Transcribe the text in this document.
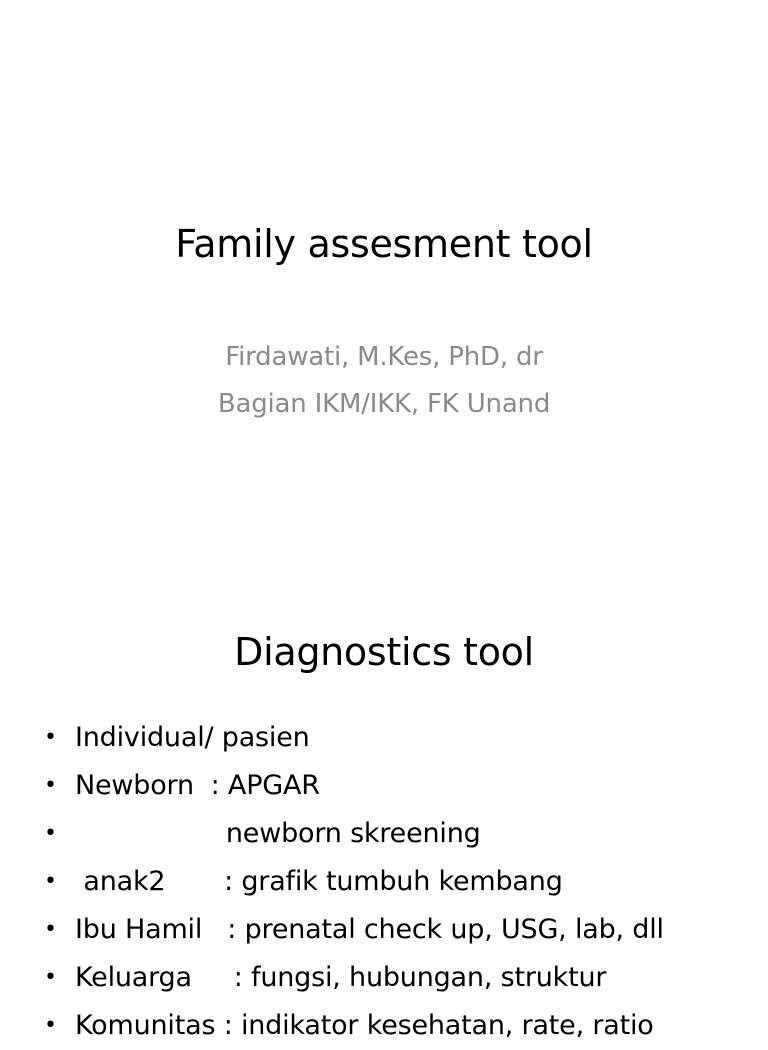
Family assesment tool
Firdawati, M.Kes, PhD, dr
Bagian IKM/IKK, FK Unand
Diagnostics tool
• Individual/ pasien
• Newborn  : APGAR
• newborn skreening
• anak2       : grafik tumbuh kembang
• Ibu Hamil   : prenatal check up, USG, lab, dll
• Keluarga     : fungsi, hubungan, struktur
• Komunitas : indikator kesehatan, rate, ratio
